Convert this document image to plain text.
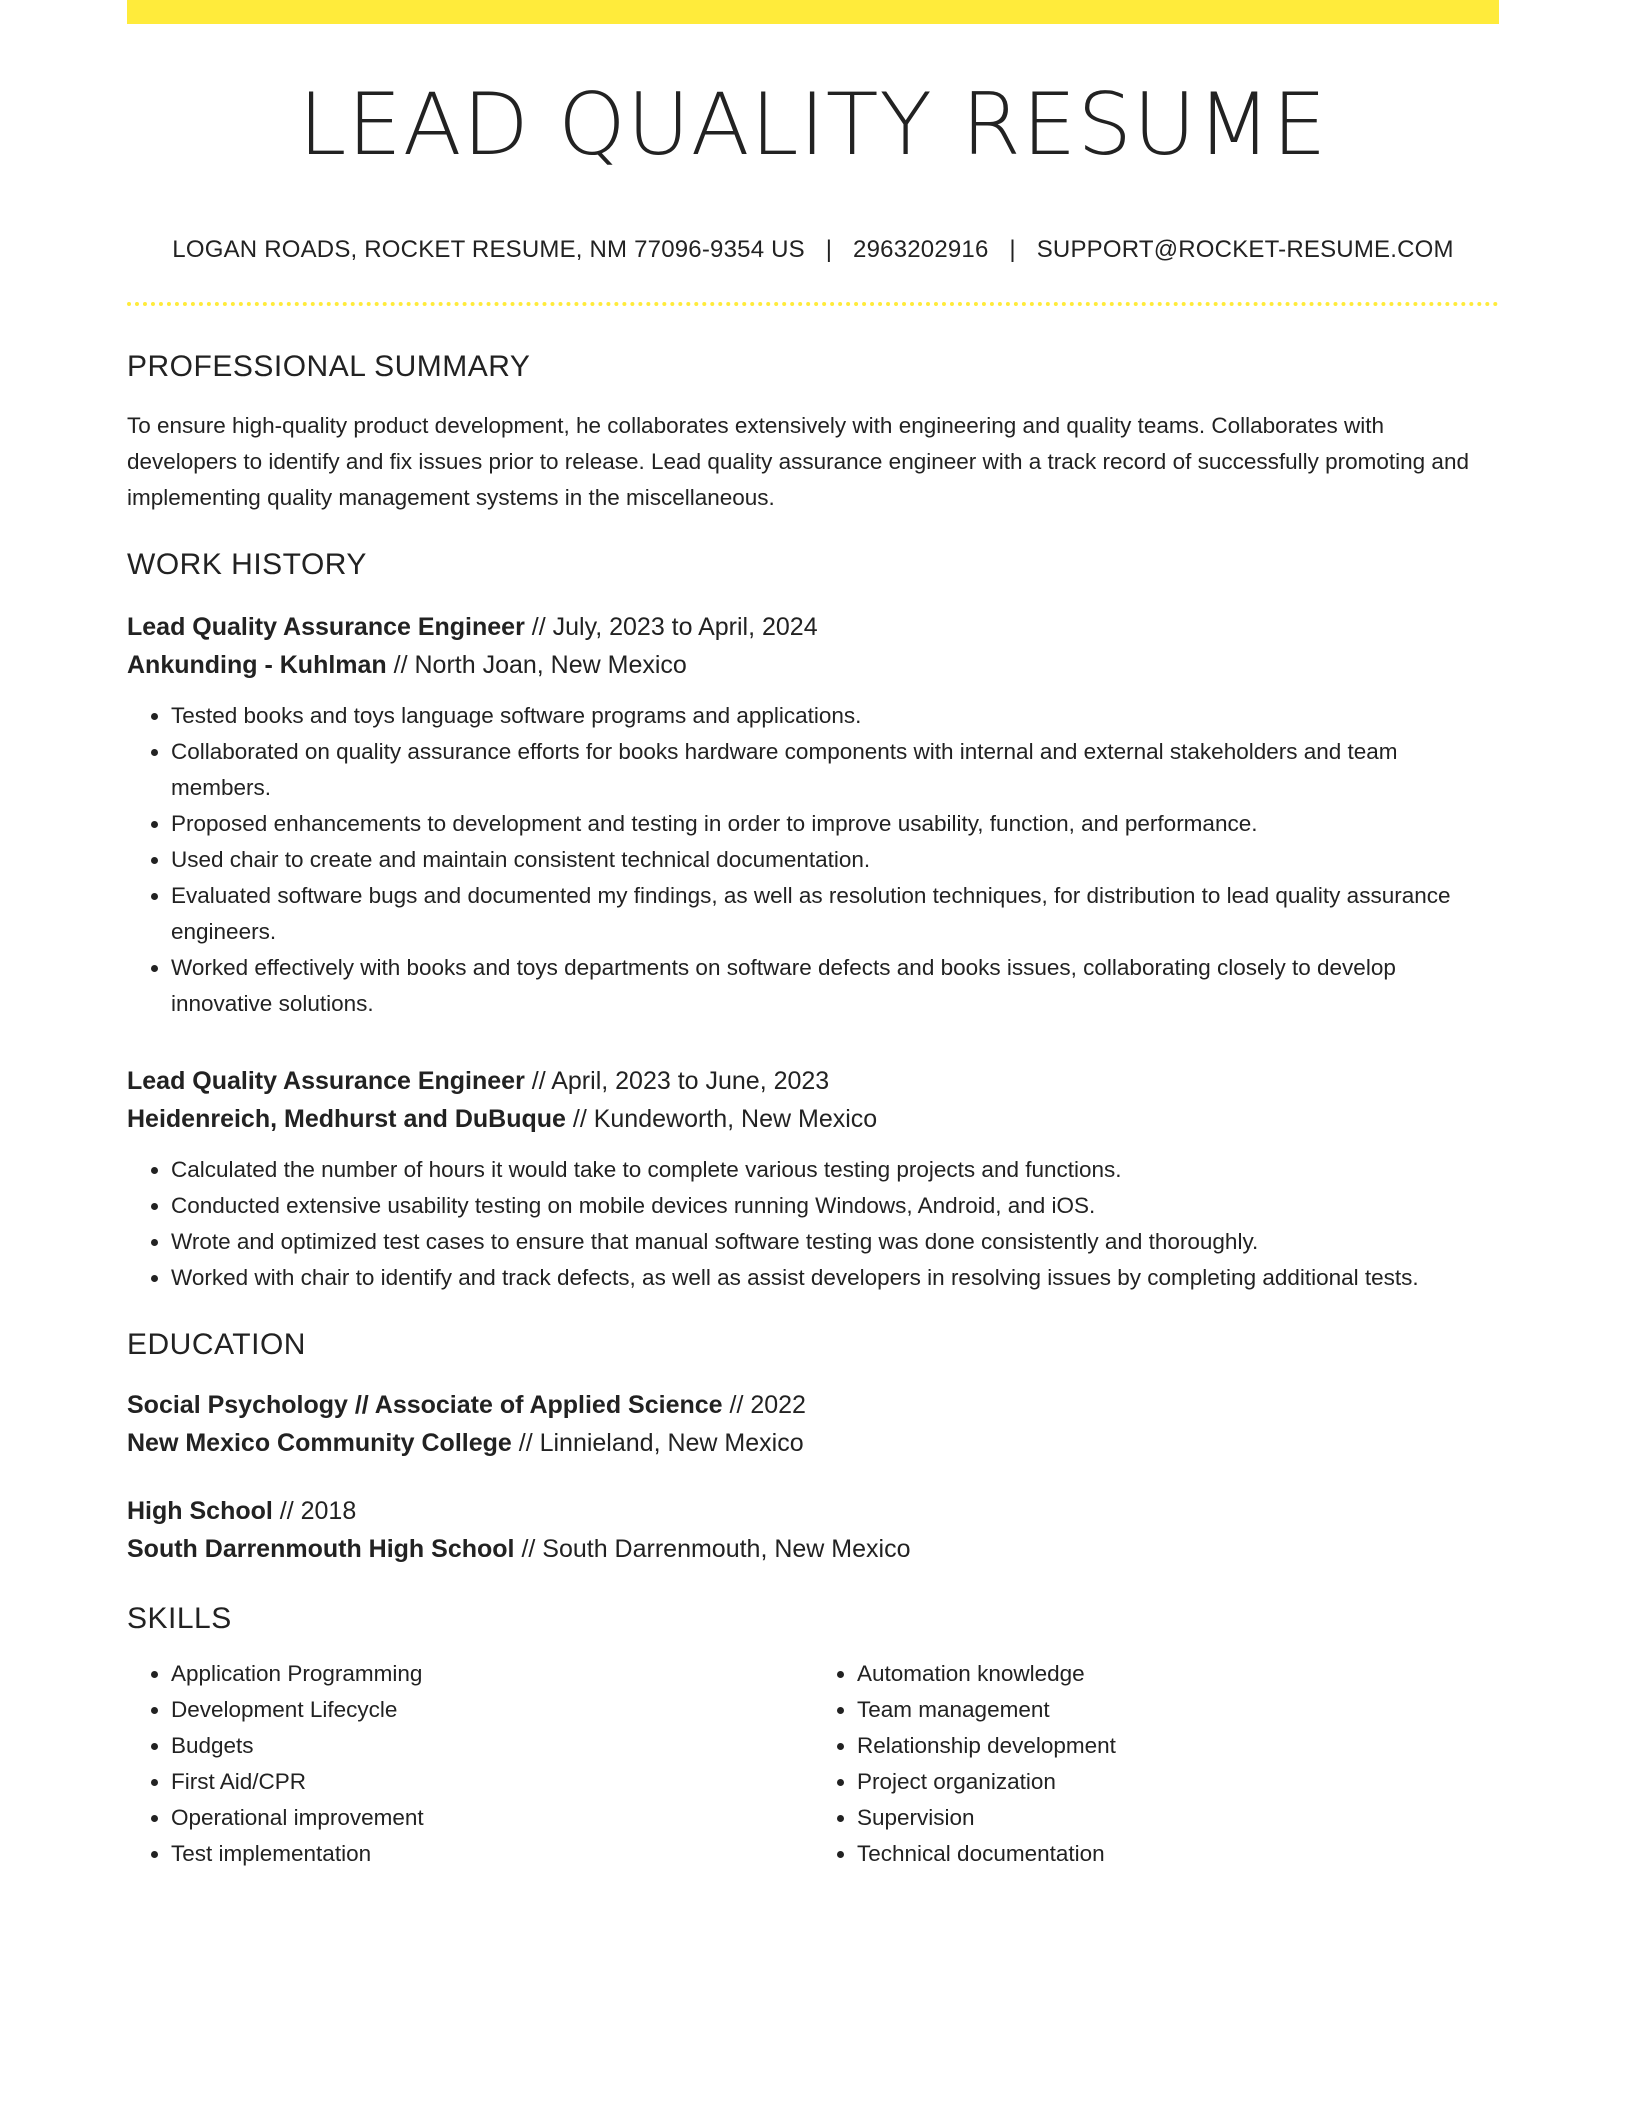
LEAD QUALITY RESUME
LOGAN ROADS, ROCKET RESUME, NM 77096-9354 US | 2963202916 | SUPPORT@ROCKET-RESUME.COM
PROFESSIONAL SUMMARY
To ensure high-quality product development, he collaborates extensively with engineering and quality teams. Collaborates with developers to identify and fix issues prior to release. Lead quality assurance engineer with a track record of successfully promoting and implementing quality management systems in the miscellaneous.
WORK HISTORY
Lead Quality Assurance Engineer // July, 2023 to April, 2024
Ankunding - Kuhlman // North Joan, New Mexico
• Tested books and toys language software programs and applications.
• Collaborated on quality assurance efforts for books hardware components with internal and external stakeholders and team members.
• Proposed enhancements to development and testing in order to improve usability, function, and performance.
• Used chair to create and maintain consistent technical documentation.
• Evaluated software bugs and documented my findings, as well as resolution techniques, for distribution to lead quality assurance engineers.
• Worked effectively with books and toys departments on software defects and books issues, collaborating closely to develop innovative solutions.
Lead Quality Assurance Engineer // April, 2023 to June, 2023
Heidenreich, Medhurst and DuBuque // Kundeworth, New Mexico
• Calculated the number of hours it would take to complete various testing projects and functions.
• Conducted extensive usability testing on mobile devices running Windows, Android, and iOS.
• Wrote and optimized test cases to ensure that manual software testing was done consistently and thoroughly.
• Worked with chair to identify and track defects, as well as assist developers in resolving issues by completing additional tests.
EDUCATION
Social Psychology // Associate of Applied Science // 2022
New Mexico Community College // Linnieland, New Mexico
High School // 2018
South Darrenmouth High School // South Darrenmouth, New Mexico
SKILLS
• Application Programming
• Development Lifecycle
• Budgets
• First Aid/CPR
• Operational improvement
• Test implementation
• Automation knowledge
• Team management
• Relationship development
• Project organization
• Supervision
• Technical documentation
